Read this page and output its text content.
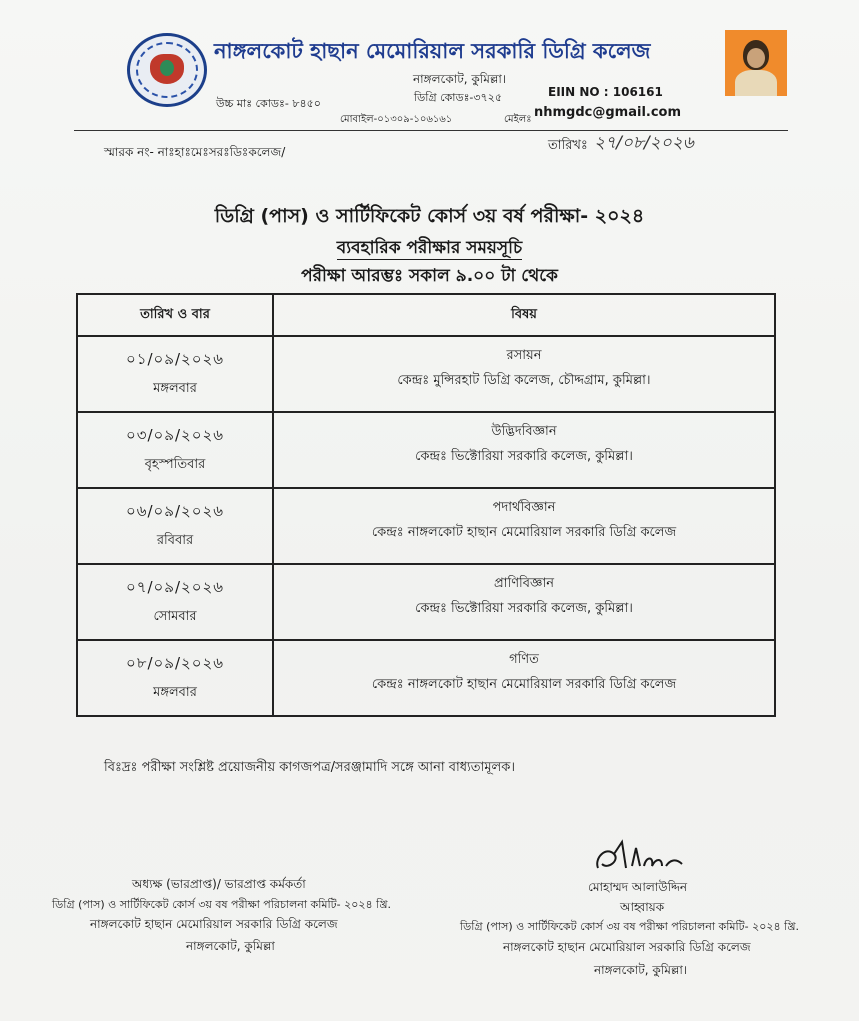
নাঙ্গলকোট হাছান মেমোরিয়াল সরকারি ডিগ্রি কলেজ
নাঙ্গলকোট, কুমিল্লা।
ডিগ্রি কোডঃ-৩৭২৫	EIIN NO : 106161
উচ্চ মাঃ কোডঃ- ৮৪৫০
মোবাইল-০১৩০৯-১০৬১৬১	মেইলঃ nhmgdc@gmail.com
স্মারক নং- নাঃহাঃমেঃসরঃডিঃকলেজ/	তারিখঃ ২৭/০৮/২০২৬
ডিগ্রি (পাস) ও সার্টিফিকেট কোর্স ৩য় বর্ষ পরীক্ষা- ২০২৪
ব্যবহারিক পরীক্ষার সময়সূচি
পরীক্ষা আরম্ভঃ সকাল ৯.০০ টা থেকে
তারিখ ও বার	বিষয়

০১/০৯/২০২৬
মঙ্গলবার	রসায়ন
কেন্দ্রঃ মুন্সিরহাট ডিগ্রি কলেজ, চৌদ্দগ্রাম, কুমিল্লা।

০৩/০৯/২০২৬
বৃহস্পতিবার	উদ্ভিদবিজ্ঞান
কেন্দ্রঃ ভিক্টোরিয়া সরকারি কলেজ, কুমিল্লা।

০৬/০৯/২০২৬
রবিবার	পদার্থবিজ্ঞান
কেন্দ্রঃ নাঙ্গলকোট হাছান মেমোরিয়াল সরকারি ডিগ্রি কলেজ

০৭/০৯/২০২৬
সোমবার	প্রাণিবিজ্ঞান
কেন্দ্রঃ ভিক্টোরিয়া সরকারি কলেজ, কুমিল্লা।

০৮/০৯/২০২৬
মঙ্গলবার	গণিত
কেন্দ্রঃ নাঙ্গলকোট হাছান মেমোরিয়াল সরকারি ডিগ্রি কলেজ
বিঃদ্রঃ পরীক্ষা সংশ্লিষ্ট প্রয়োজনীয় কাগজপত্র/সরঞ্জামাদি সঙ্গে আনা বাধ্যতামূলক।
অধ্যক্ষ (ভারপ্রাপ্ত)/ ভারপ্রাপ্ত কর্মকর্তা
ডিগ্রি (পাস) ও সার্টিফিকেট কোর্স ৩য় বষ পরীক্ষা পরিচালনা কমিটি- ২০২৪ খ্রি.
নাঙ্গলকোট হাছান মেমোরিয়াল সরকারি ডিগ্রি কলেজ
নাঙ্গলকোট, কুমিল্লা
মোহাম্মদ আলাউদ্দিন
আহ্বায়ক
ডিগ্রি (পাস) ও সার্টিফিকেট কোর্স ৩য় বষ পরীক্ষা পরিচালনা কমিটি- ২০২৪ খ্রি.
নাঙ্গলকোট হাছান মেমোরিয়াল সরকারি ডিগ্রি কলেজ
নাঙ্গলকোট, কুমিল্লা।
